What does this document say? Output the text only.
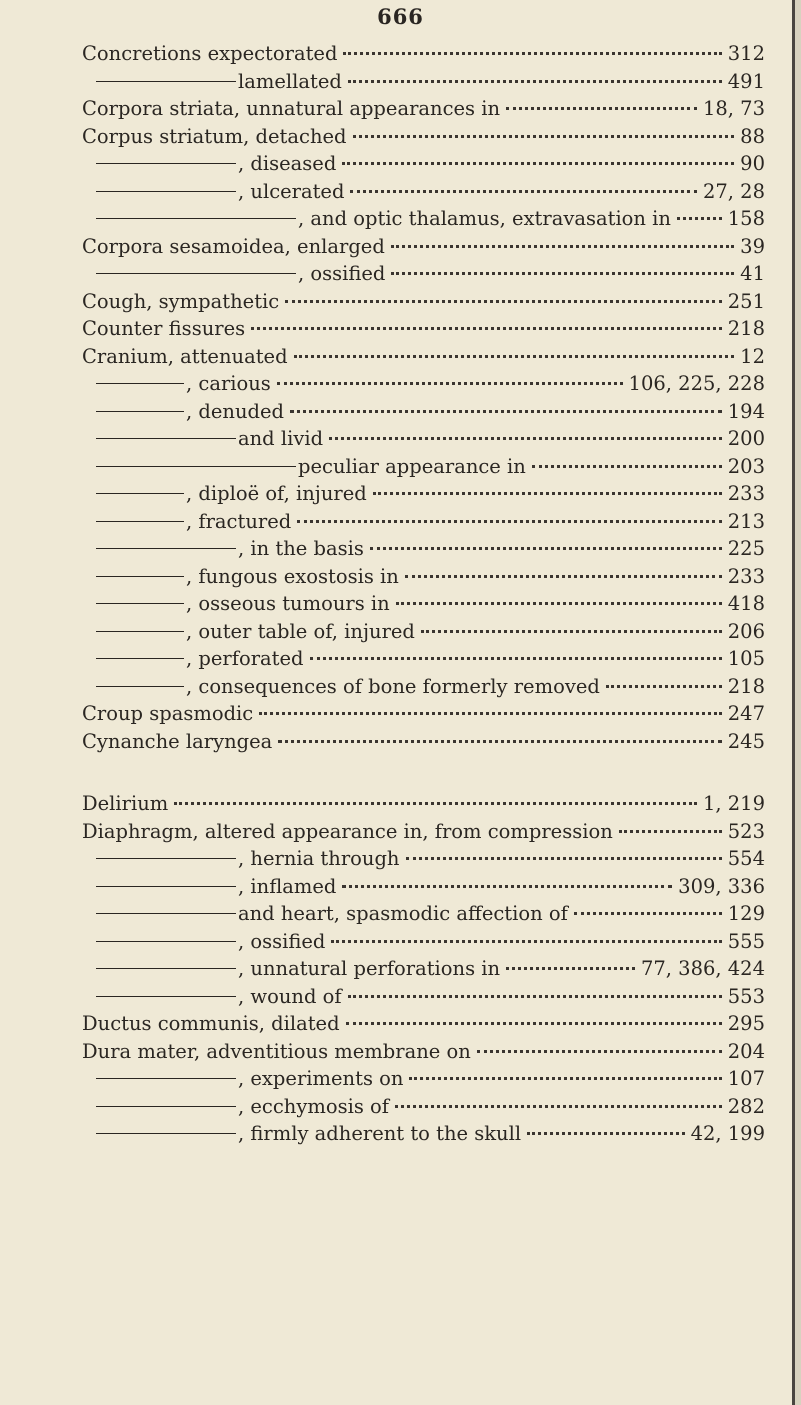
666
Concretions expectorated	312
lamellated	491
Corpora striata, unnatural appearances in	18, 73
Corpus striatum, detached	88
, diseased	90
, ulcerated	27, 28
, and optic thalamus, extravasation in	158
Corpora sesamoidea, enlarged	39
, ossified	41
Cough, sympathetic	251
Counter fissures	218
Cranium, attenuated	12
, carious	106, 225, 228
, denuded	194
and livid	200
peculiar appearance in	203
, diploë of, injured	233
, fractured	213
, in the basis	225
, fungous exostosis in	233
, osseous tumours in	418
, outer table of, injured	206
, perforated	105
, consequences of bone formerly removed	218
Croup spasmodic	247
Cynanche laryngea	245
Delirium	1, 219
Diaphragm, altered appearance in, from compression	523
, hernia through	554
, inflamed	309, 336
and heart, spasmodic affection of	129
, ossified	555
, unnatural perforations in	77, 386, 424
, wound of	553
Ductus communis, dilated	295
Dura mater, adventitious membrane on	204
, experiments on	107
, ecchymosis of	282
, firmly adherent to the skull	42, 199
